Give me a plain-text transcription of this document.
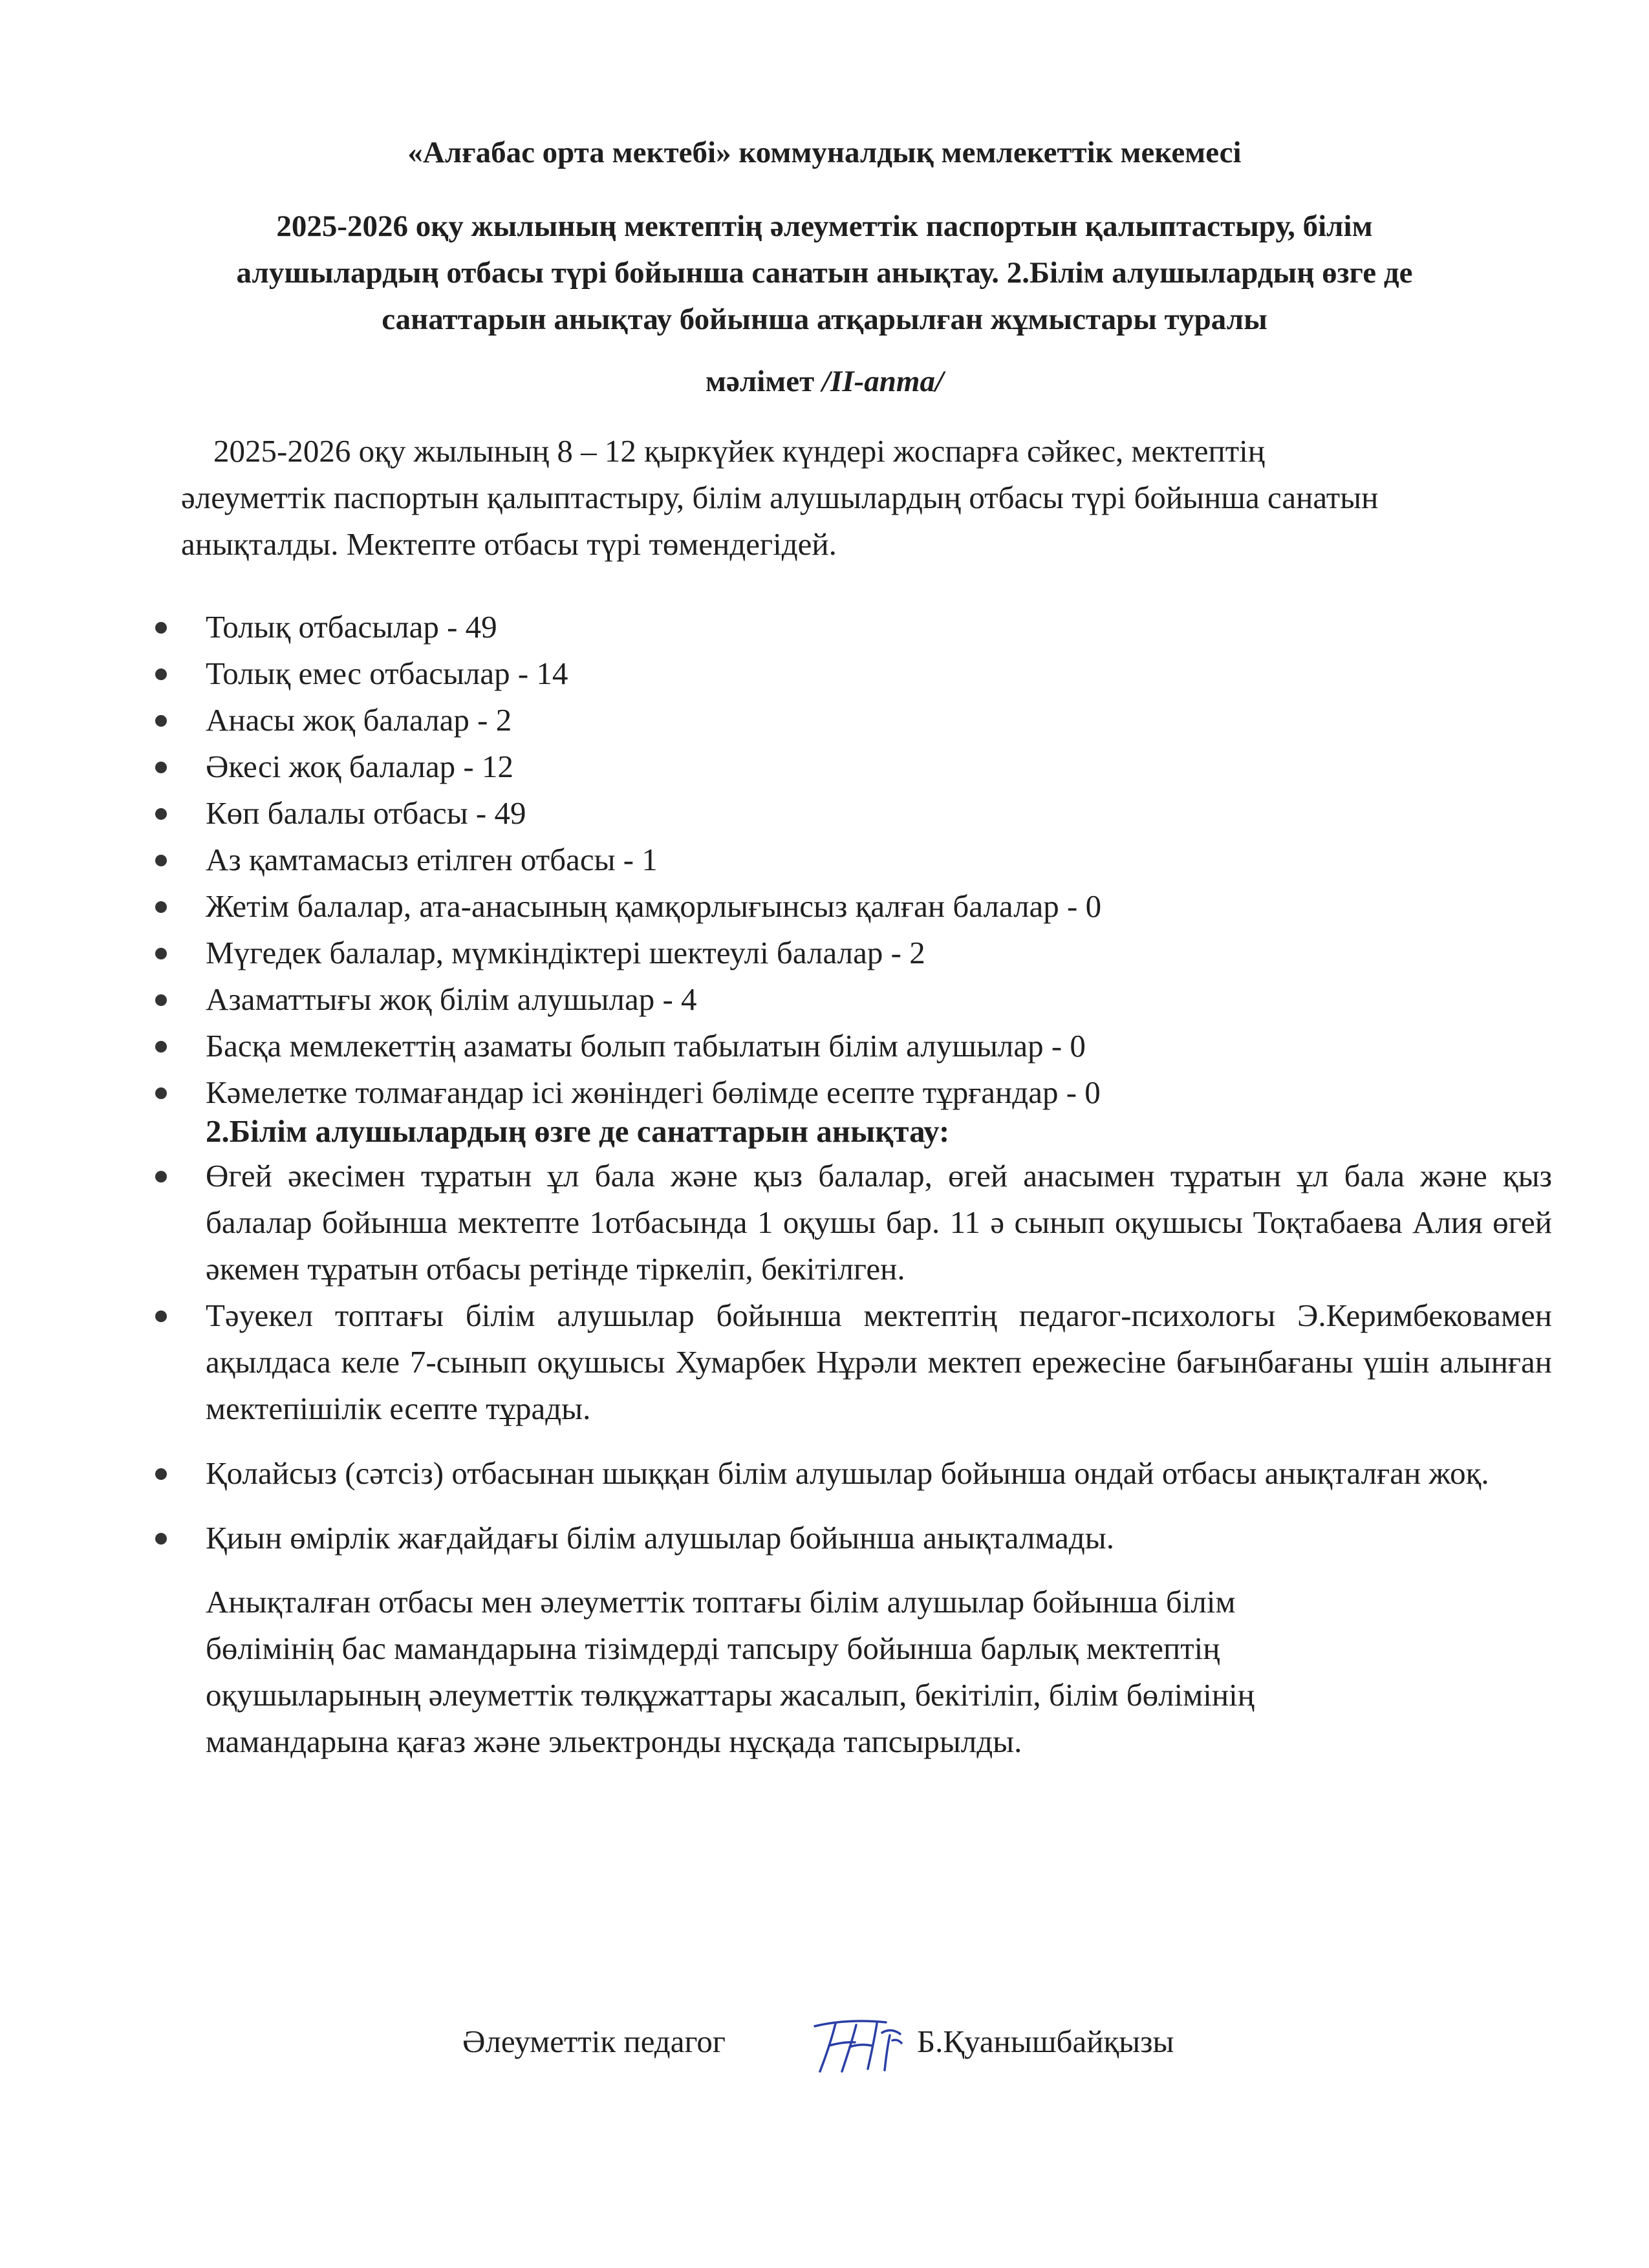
«Алғабас орта мектебі» коммуналдық мемлекеттік мекемесі

2025-2026 оқу жылының мектептің әлеуметтік паспортын қалыптастыру, білім
алушылардың отбасы түрі бойынша санатын анықтау. 2.Білім алушылардың өзге де
санаттарын анықтау бойынша атқарылған жұмыстары туралы

мәлімет /ІІ-апта/

2025-2026 оқу жылының 8 – 12 қыркүйек күндері жоспарға сәйкес, мектептің
әлеуметтік паспортын қалыптастыру, білім алушылардың отбасы түрі бойынша санатын
анықталды. Мектепте отбасы түрі төмендегідей.

Толық отбасылар - 49
Толық емес отбасылар - 14
Анасы жоқ балалар - 2
Әкесі жоқ балалар - 12
Көп балалы отбасы - 49
Аз қамтамасыз етілген отбасы - 1
Жетім балалар, ата-анасының қамқорлығынсыз қалған балалар - 0
Мүгедек балалар, мүмкіндіктері шектеулі балалар - 2
Азаматтығы жоқ білім алушылар - 4
Басқа мемлекеттің азаматы болып табылатын білім алушылар - 0
Кәмелетке толмағандар ісі жөніндегі бөлімде есепте тұрғандар - 0

2.Білім алушылардың өзге де санаттарын анықтау:

Өгей әкесімен тұратын ұл бала және қыз балалар, өгей анасымен тұратын ұл бала және қыз балалар бойынша мектепте 1отбасында 1 оқушы бар. 11 ә сынып оқушысы Тоқтабаева Алия өгей әкемен тұратын отбасы ретінде тіркеліп, бекітілген.
Тәуекел топтағы білім алушылар бойынша мектептің педагог-психологы Э.Керимбековамен ақылдаса келе 7-сынып оқушысы Хумарбек Нұрәли мектеп ережесіне бағынбағаны үшін алынған мектепішілік есепте тұрады.
Қолайсыз (сәтсіз) отбасынан шыққан білім алушылар бойынша ондай отбасы анықталған жоқ.
Қиын өмірлік жағдайдағы білім алушылар бойынша анықталмады.

Анықталған отбасы мен әлеуметтік топтағы білім алушылар бойынша білім
бөлімінің бас мамандарына тізімдерді тапсыру бойынша барлық мектептің
оқушыларының әлеуметтік төлқұжаттары жасалып, бекітіліп, білім бөлімінің
мамандарына қағаз және эльектронды нұсқада тапсырылды.

Әлеуметтік педагог	Б.Қуанышбайқызы
